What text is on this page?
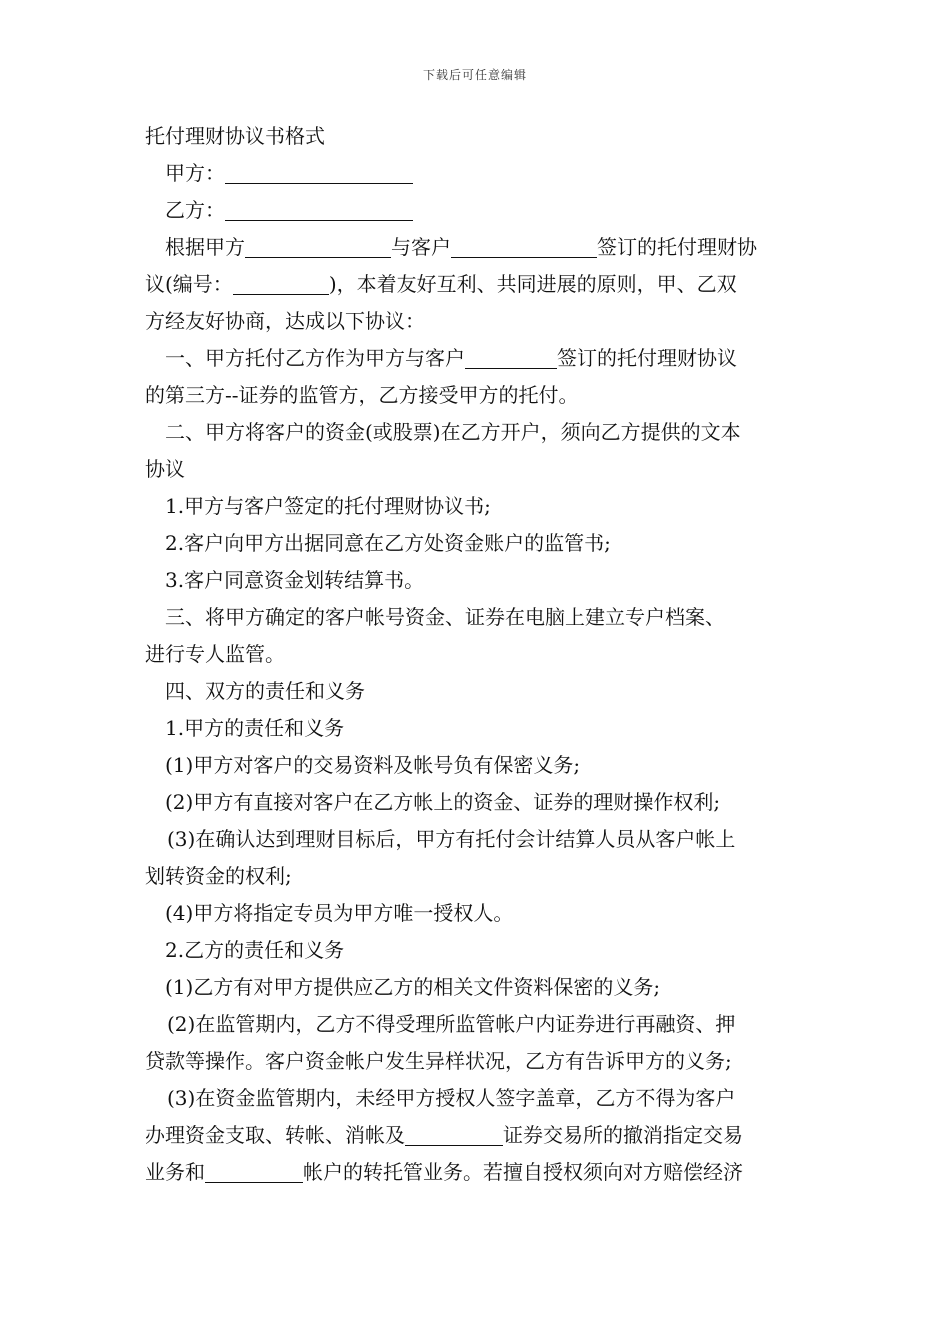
下载后可任意编辑

托付理财协议书格式

甲方：

乙方：

根据甲方	与客户	签订的托付理财协

议(编号：	)，本着友好互利、共同进展的原则，甲、乙双

方经友好协商，达成以下协议：

一、甲方托付乙方作为甲方与客户	签订的托付理财协议

的第三方--证券的监管方，乙方接受甲方的托付。

二、甲方将客户的资金(或股票)在乙方开户，须向乙方提供的文本

协议

1.甲方与客户签定的托付理财协议书;

2.客户向甲方出据同意在乙方处资金账户的监管书;

3.客户同意资金划转结算书。

三、将甲方确定的客户帐号资金、证券在电脑上建立专户档案、

进行专人监管。

四、双方的责任和义务

1.甲方的责任和义务

(1)甲方对客户的交易资料及帐号负有保密义务;

(2)甲方有直接对客户在乙方帐上的资金、证券的理财操作权利;

(3)在确认达到理财目标后，甲方有托付会计结算人员从客户帐上

划转资金的权利;

(4)甲方将指定专员为甲方唯一授权人。

2.乙方的责任和义务

(1)乙方有对甲方提供应乙方的相关文件资料保密的义务;

(2)在监管期内，乙方不得受理所监管帐户内证券进行再融资、押

贷款等操作。客户资金帐户发生异样状况，乙方有告诉甲方的义务;

(3)在资金监管期内，未经甲方授权人签字盖章，乙方不得为客户

办理资金支取、转帐、消帐及	证券交易所的撤消指定交易

业务和	帐户的转托管业务。若擅自授权须向对方赔偿经济
